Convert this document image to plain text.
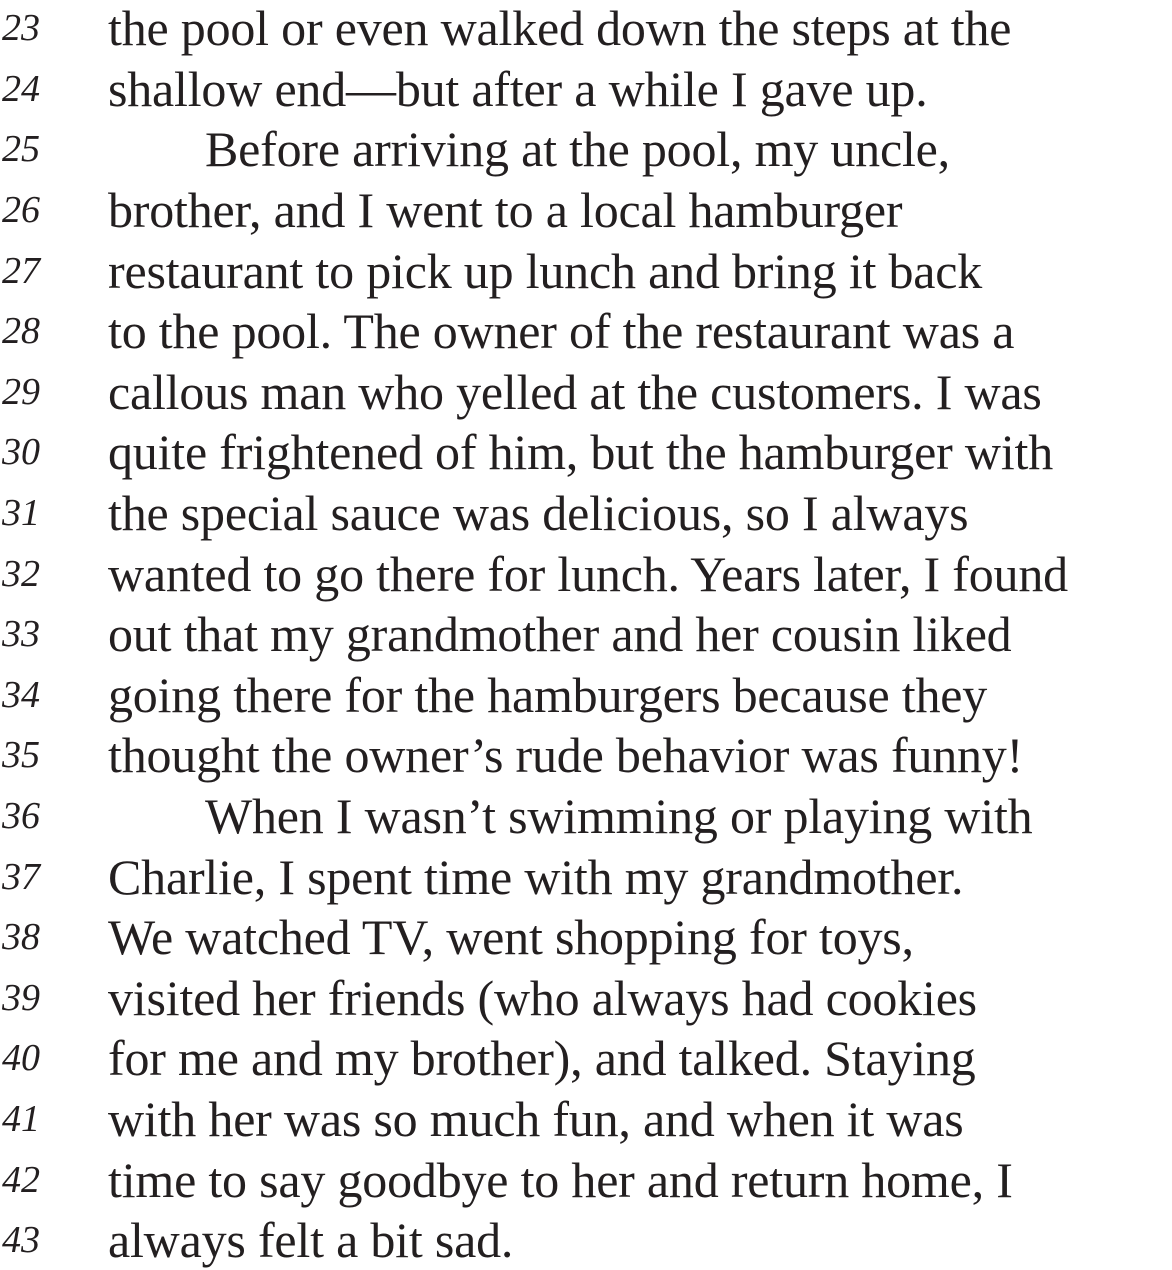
23	the pool or even walked down the steps at the
24	shallow end—but after a while I gave up.
25	Before arriving at the pool, my uncle,
26	brother, and I went to a local hamburger
27	restaurant to pick up lunch and bring it back
28	to the pool. The owner of the restaurant was a
29	callous man who yelled at the customers. I was
30	quite frightened of him, but the hamburger with
31	the special sauce was delicious, so I always
32	wanted to go there for lunch. Years later, I found
33	out that my grandmother and her cousin liked
34	going there for the hamburgers because they
35	thought the owner’s rude behavior was funny!
36	When I wasn’t swimming or playing with
37	Charlie, I spent time with my grandmother.
38	We watched TV, went shopping for toys,
39	visited her friends (who always had cookies
40	for me and my brother), and talked. Staying
41	with her was so much fun, and when it was
42	time to say goodbye to her and return home, I
43	always felt a bit sad.
